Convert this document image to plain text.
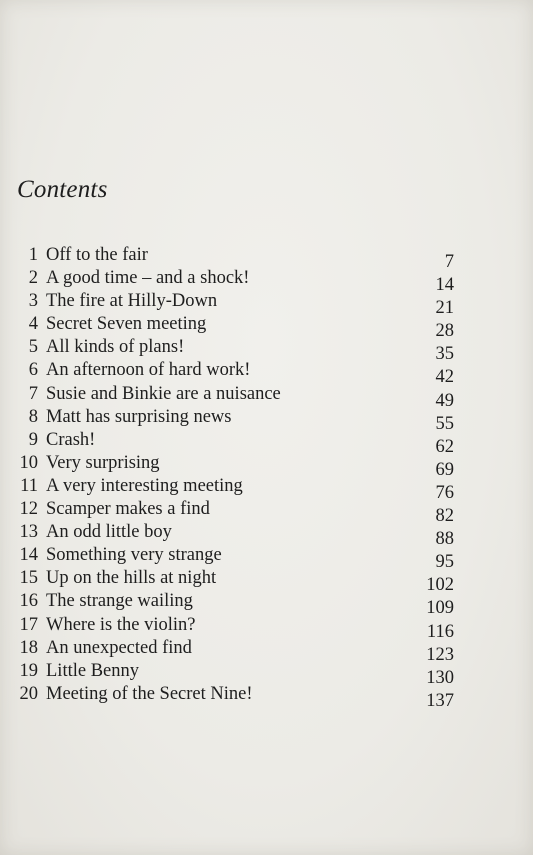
Contents
1 Off to the fair	7
2 A good time – and a shock!	14
3 The fire at Hilly-Down	21
4 Secret Seven meeting	28
5 All kinds of plans!	35
6 An afternoon of hard work!	42
7 Susie and Binkie are a nuisance	49
8 Matt has surprising news	55
9 Crash!	62
10 Very surprising	69
11 A very interesting meeting	76
12 Scamper makes a find	82
13 An odd little boy	88
14 Something very strange	95
15 Up on the hills at night	102
16 The strange wailing	109
17 Where is the violin?	116
18 An unexpected find	123
19 Little Benny	130
20 Meeting of the Secret Nine!	137
